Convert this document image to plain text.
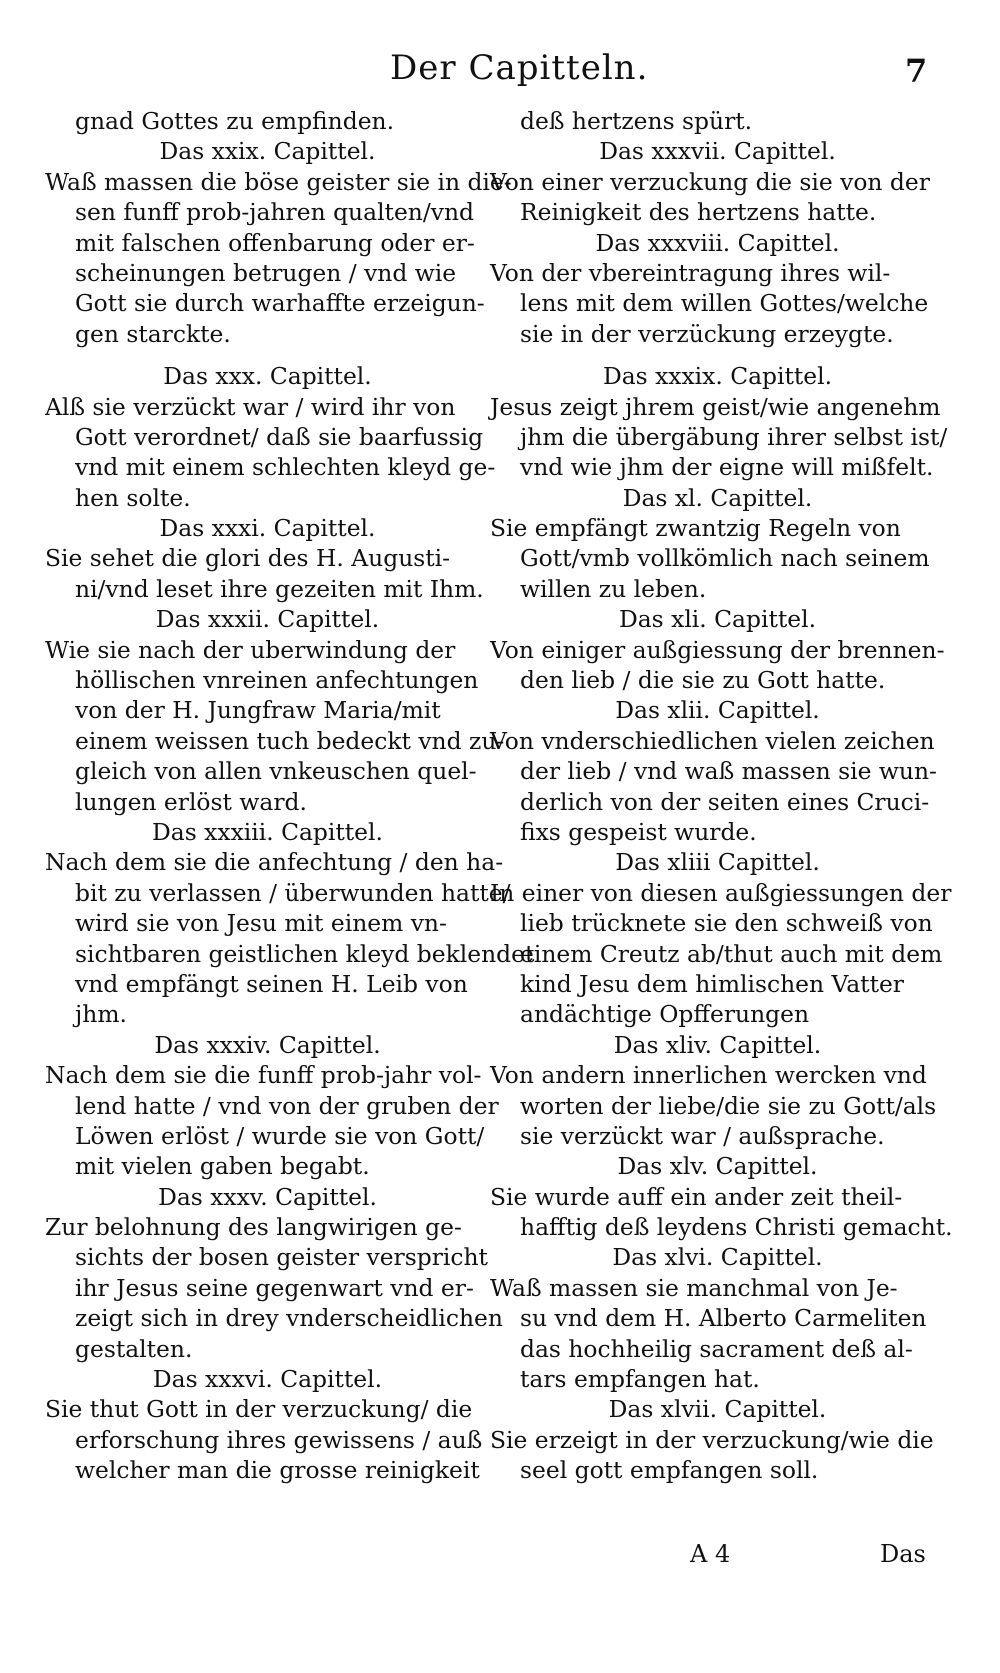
Der Capitteln.	7
gnad Gottes zu empfinden.
Das xxix. Capittel.
Waß massen die böse geister sie in die-
sen funff prob-jahren qualten/vnd
mit falschen offenbarung oder er-
scheinungen betrugen / vnd wie
Gott sie durch warhaffte erzeigun-
gen starckte.
Das xxx. Capittel.
Alß sie verzückt war / wird ihr von
Gott verordnet/ daß sie baarfussig
vnd mit einem schlechten kleyd ge-
hen solte.
Das xxxi. Capittel.
Sie sehet die glori des H. Augusti-
ni/vnd leset ihre gezeiten mit Ihm.
Das xxxii. Capittel.
Wie sie nach der uberwindung der
höllischen vnreinen anfechtungen
von der H. Jungfraw Maria/mit
einem weissen tuch bedeckt vnd zu-
gleich von allen vnkeuschen quel-
lungen erlöst ward.
Das xxxiii. Capittel.
Nach dem sie die anfechtung / den ha-
bit zu verlassen / überwunden hatte/
wird sie von Jesu mit einem vn-
sichtbaren geistlichen kleyd beklendet
vnd empfängt seinen H. Leib von
jhm.
Das xxxiv. Capittel.
Nach dem sie die funff prob-jahr vol-
lend hatte / vnd von der gruben der
Löwen erlöst / wurde sie von Gott/
mit vielen gaben begabt.
Das xxxv. Capittel.
Zur belohnung des langwirigen ge-
sichts der bosen geister verspricht
ihr Jesus seine gegenwart vnd er-
zeigt sich in drey vnderscheidlichen
gestalten.
Das xxxvi. Capittel.
Sie thut Gott in der verzuckung/ die
erforschung ihres gewissens / auß
welcher man die grosse reinigkeit
deß hertzens spürt.
Das xxxvii. Capittel.
Von einer verzuckung die sie von der
Reinigkeit des hertzens hatte.
Das xxxviii. Capittel.
Von der vbereintragung ihres wil-
lens mit dem willen Gottes/welche
sie in der verzückung erzeygte.
Das xxxix. Capittel.
Jesus zeigt jhrem geist/wie angenehm
jhm die übergäbung ihrer selbst ist/
vnd wie jhm der eigne will mißfelt.
Das xl. Capittel.
Sie empfängt zwantzig Regeln von
Gott/vmb vollkömlich nach seinem
willen zu leben.
Das xli. Capittel.
Von einiger außgiessung der brennen-
den lieb / die sie zu Gott hatte.
Das xlii. Capittel.
Von vnderschiedlichen vielen zeichen
der lieb / vnd waß massen sie wun-
derlich von der seiten eines Cruci-
fixs gespeist wurde.
Das xliii Capittel.
In einer von diesen außgiessungen der
lieb trücknete sie den schweiß von
einem Creutz ab/thut auch mit dem
kind Jesu dem himlischen Vatter
andächtige Opfferungen
Das xliv. Capittel.
Von andern innerlichen wercken vnd
worten der liebe/die sie zu Gott/als
sie verzückt war / außsprache.
Das xlv. Capittel.
Sie wurde auff ein ander zeit theil-
hafftig deß leydens Christi gemacht.
Das xlvi. Capittel.
Waß massen sie manchmal von Je-
su vnd dem H. Alberto Carmeliten
das hochheilig sacrament deß al-
tars empfangen hat.
Das xlvii. Capittel.
Sie erzeigt in der verzuckung/wie die
seel gott empfangen soll.
A 4	Das
